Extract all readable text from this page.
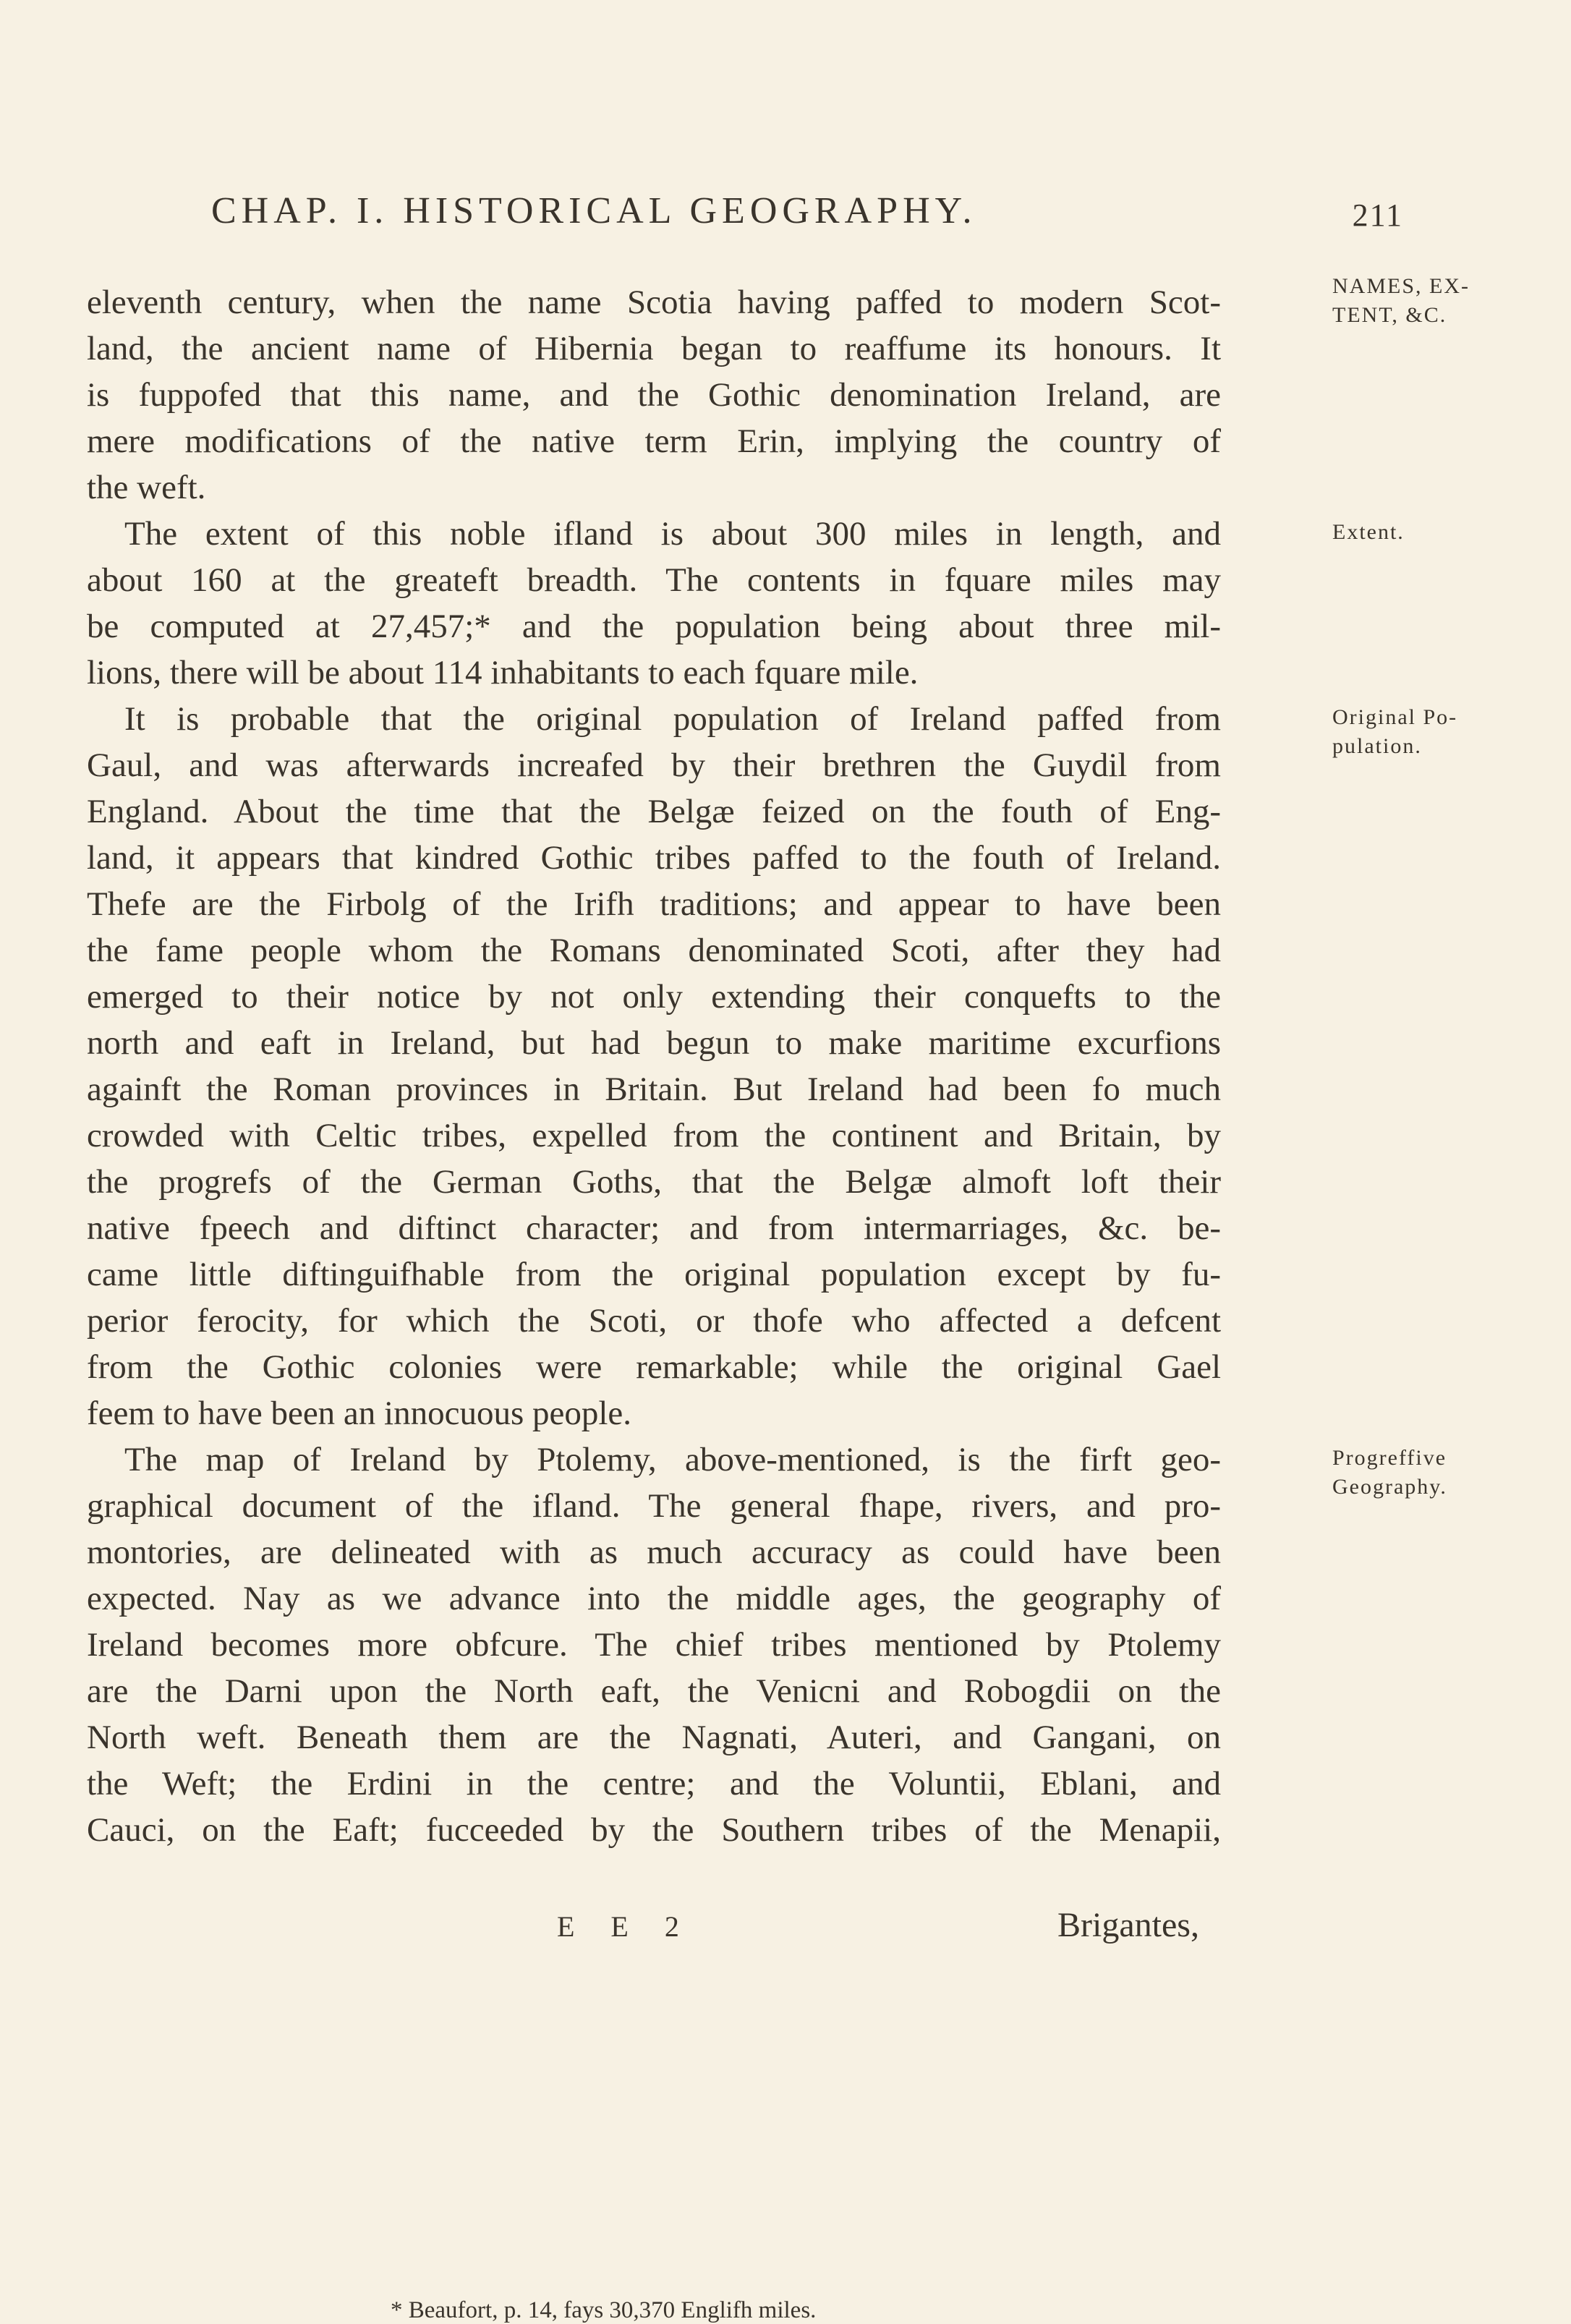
CHAP. I. HISTORICAL GEOGRAPHY.	211
eleventh century, when the name Scotia having paffed to modern Scot-
land, the ancient name of Hibernia began to reaffume its honours. It
is fuppofed that this name, and the Gothic denomination Ireland, are
mere modifications of the native term Erin, implying the country of
the weft.
The extent of this noble ifland is about 300 miles in length, and
about 160 at the greateft breadth. The contents in fquare miles may
be computed at 27,457;* and the population being about three mil-
lions, there will be about 114 inhabitants to each fquare mile.
It is probable that the original population of Ireland paffed from
Gaul, and was afterwards increafed by their brethren the Guydil from
England. About the time that the Belgæ feized on the fouth of Eng-
land, it appears that kindred Gothic tribes paffed to the fouth of Ireland.
Thefe are the Firbolg of the Irifh traditions; and appear to have been
the fame people whom the Romans denominated Scoti, after they had
emerged to their notice by not only extending their conquefts to the
north and eaft in Ireland, but had begun to make maritime excurfions
againft the Roman provinces in Britain. But Ireland had been fo much
crowded with Celtic tribes, expelled from the continent and Britain, by
the progrefs of the German Goths, that the Belgæ almoft loft their
native fpeech and diftinct character; and from intermarriages, &c. be-
came little diftinguifhable from the original population except by fu-
perior ferocity, for which the Scoti, or thofe who affected a defcent
from the Gothic colonies were remarkable; while the original Gael
feem to have been an innocuous people.
The map of Ireland by Ptolemy, above-mentioned, is the firft geo-
graphical document of the ifland. The general fhape, rivers, and pro-
montories, are delineated with as much accuracy as could have been
expected. Nay as we advance into the middle ages, the geography of
Ireland becomes more obfcure. The chief tribes mentioned by Ptolemy
are the Darni upon the North eaft, the Venicni and Robogdii on the
North weft. Beneath them are the Nagnati, Auteri, and Gangani, on
the Weft; the Erdini in the centre; and the Voluntii, Eblani, and
Cauci, on the Eaft; fucceeded by the Southern tribes of the Menapii,
NAMES, EX-
TENT, &C.
Extent.
Original Po-
pulation.
Progreffive
Geography.
* Beaufort, p. 14, fays 30,370 Englifh miles.
E E 2	Brigantes,
